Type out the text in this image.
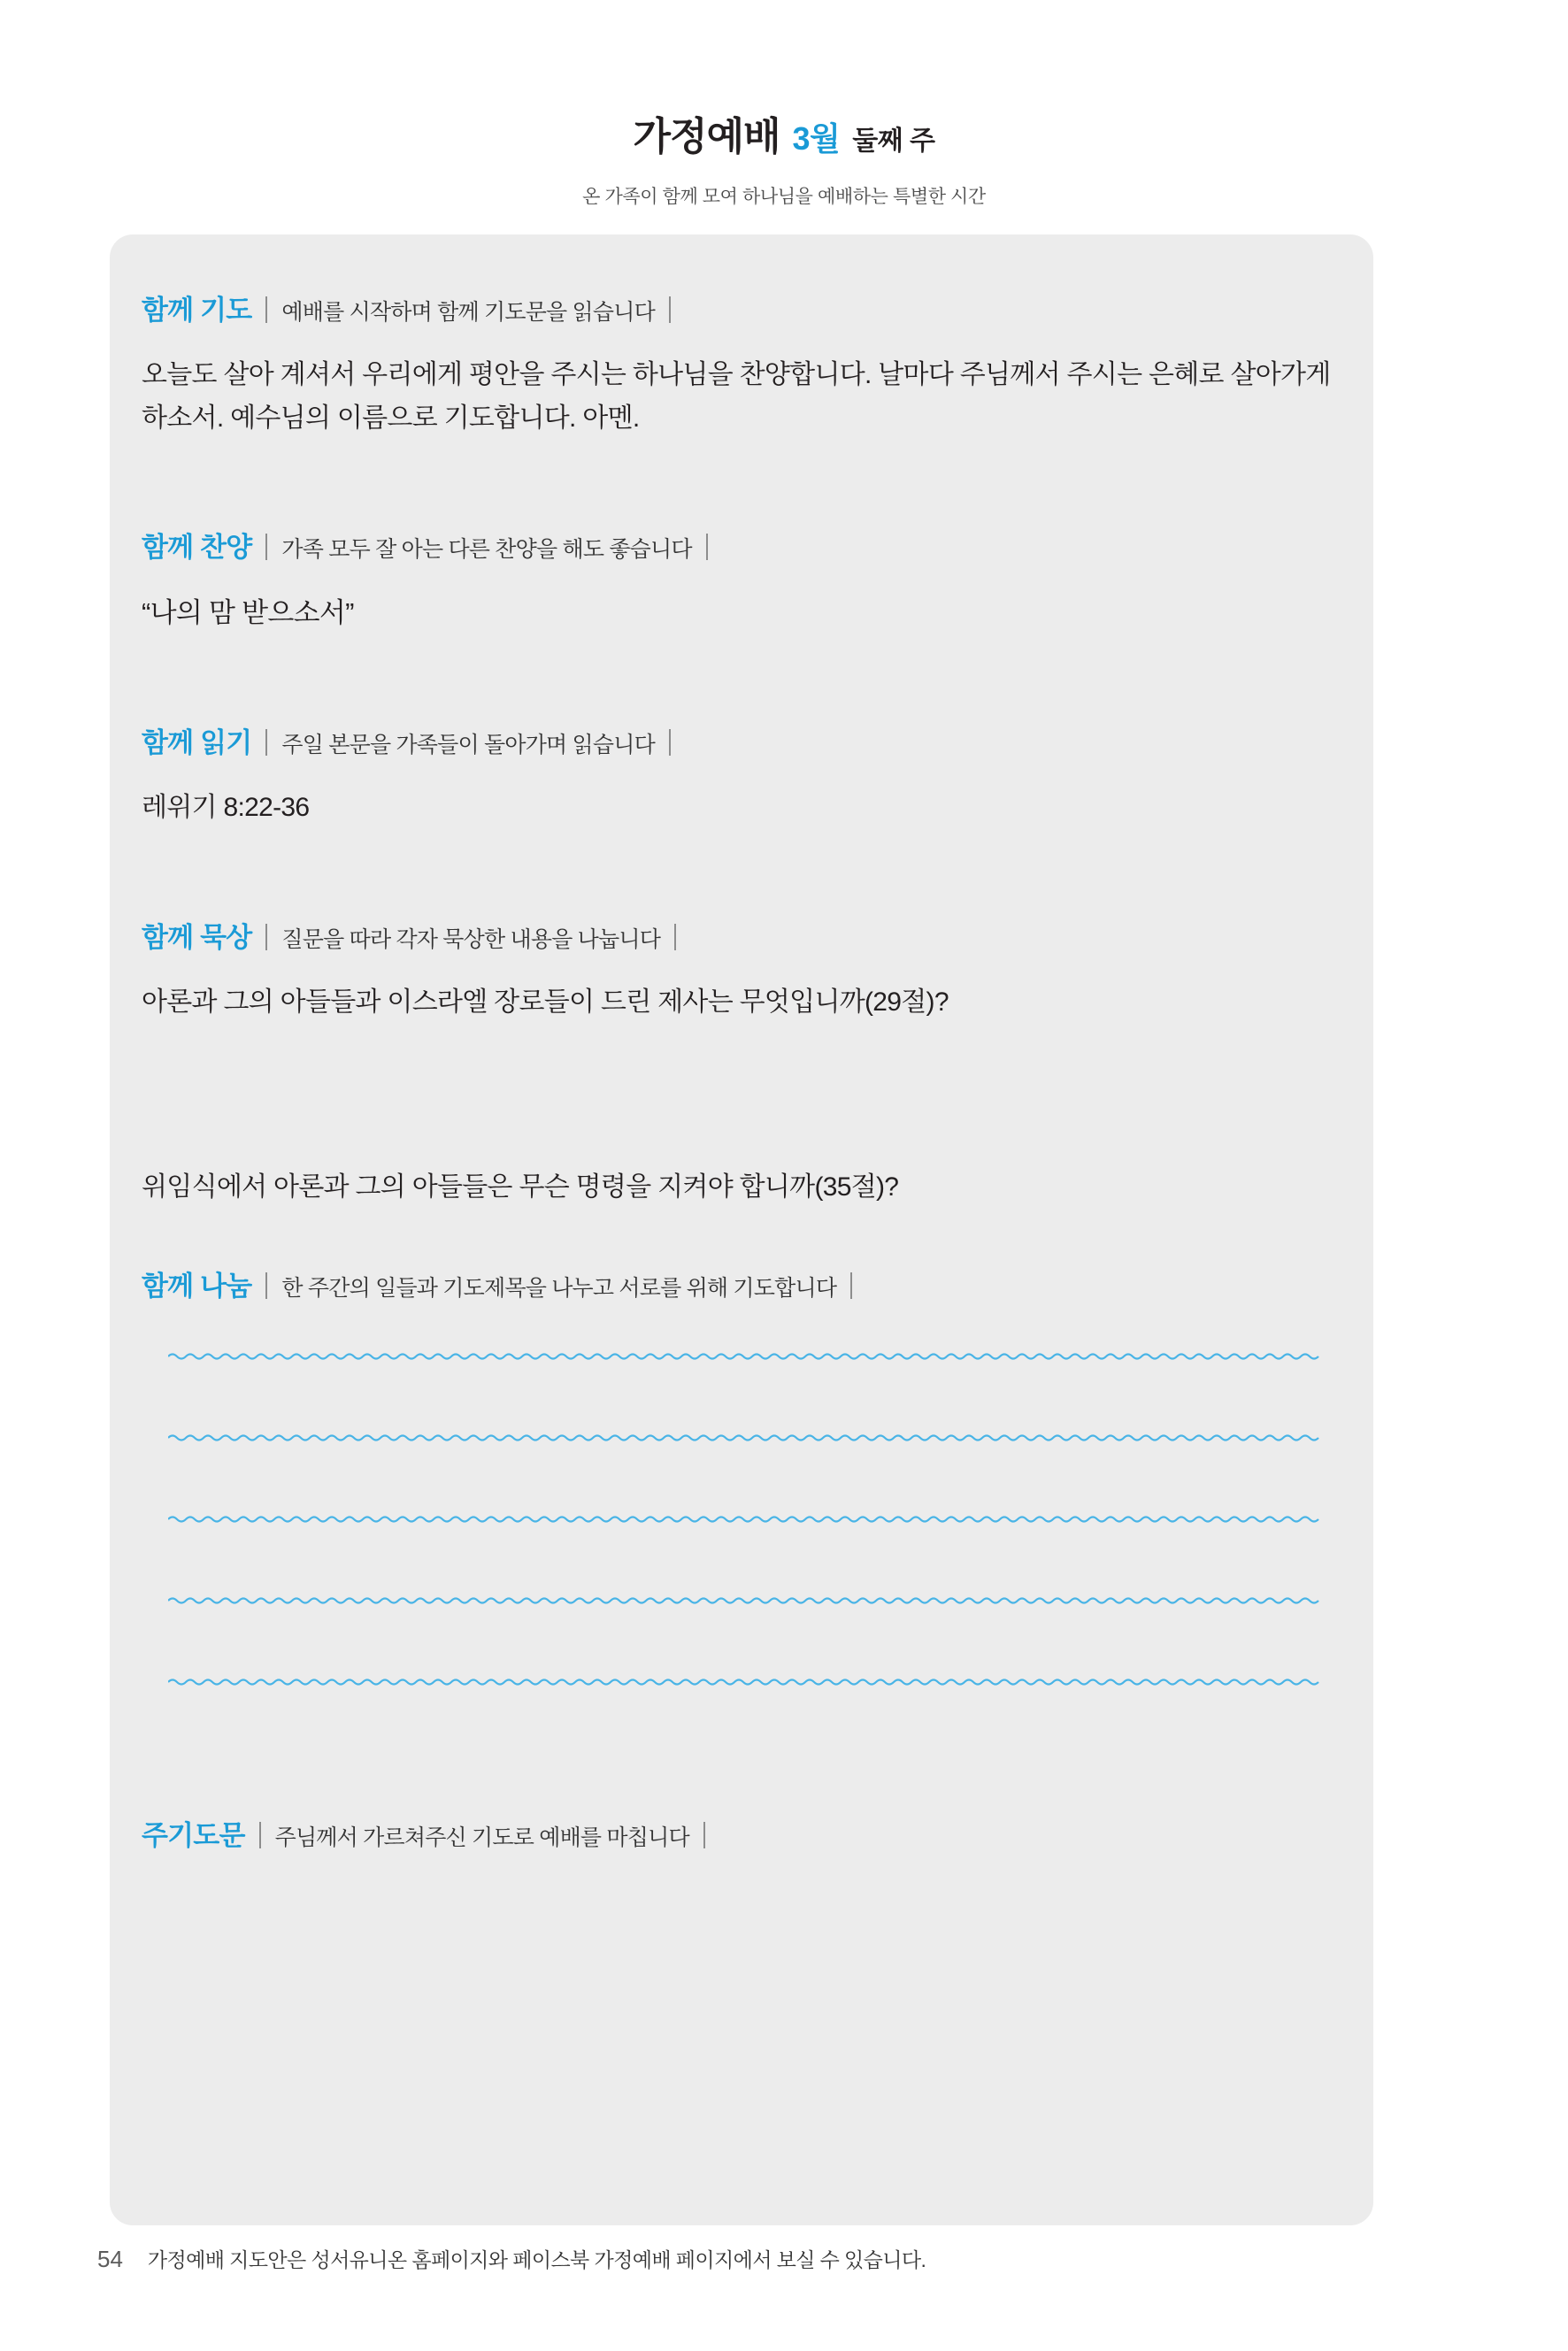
가정예배 3월 둘째 주
온 가족이 함께 모여 하나님을 예배하는 특별한 시간
함께 기도 예배를 시작하며 함께 기도문을 읽습니다
오늘도 살아 계셔서 우리에게 평안을 주시는 하나님을 찬양합니다. 날마다 주님께서 주시는 은혜로 살아가게 하소서. 예수님의 이름으로 기도합니다. 아멘.
함께 찬양 가족 모두 잘 아는 다른 찬양을 해도 좋습니다
“나의 맘 받으소서”
함께 읽기 주일 본문을 가족들이 돌아가며 읽습니다
레위기 8:22-36
함께 묵상 질문을 따라 각자 묵상한 내용을 나눕니다
아론과 그의 아들들과 이스라엘 장로들이 드린 제사는 무엇입니까(29절)?
위임식에서 아론과 그의 아들들은 무슨 명령을 지켜야 합니까(35절)?
함께 나눔 한 주간의 일들과 기도제목을 나누고 서로를 위해 기도합니다
주기도문 주님께서 가르쳐주신 기도로 예배를 마칩니다
54 가정예배 지도안은 성서유니온 홈페이지와 페이스북 가정예배 페이지에서 보실 수 있습니다.
